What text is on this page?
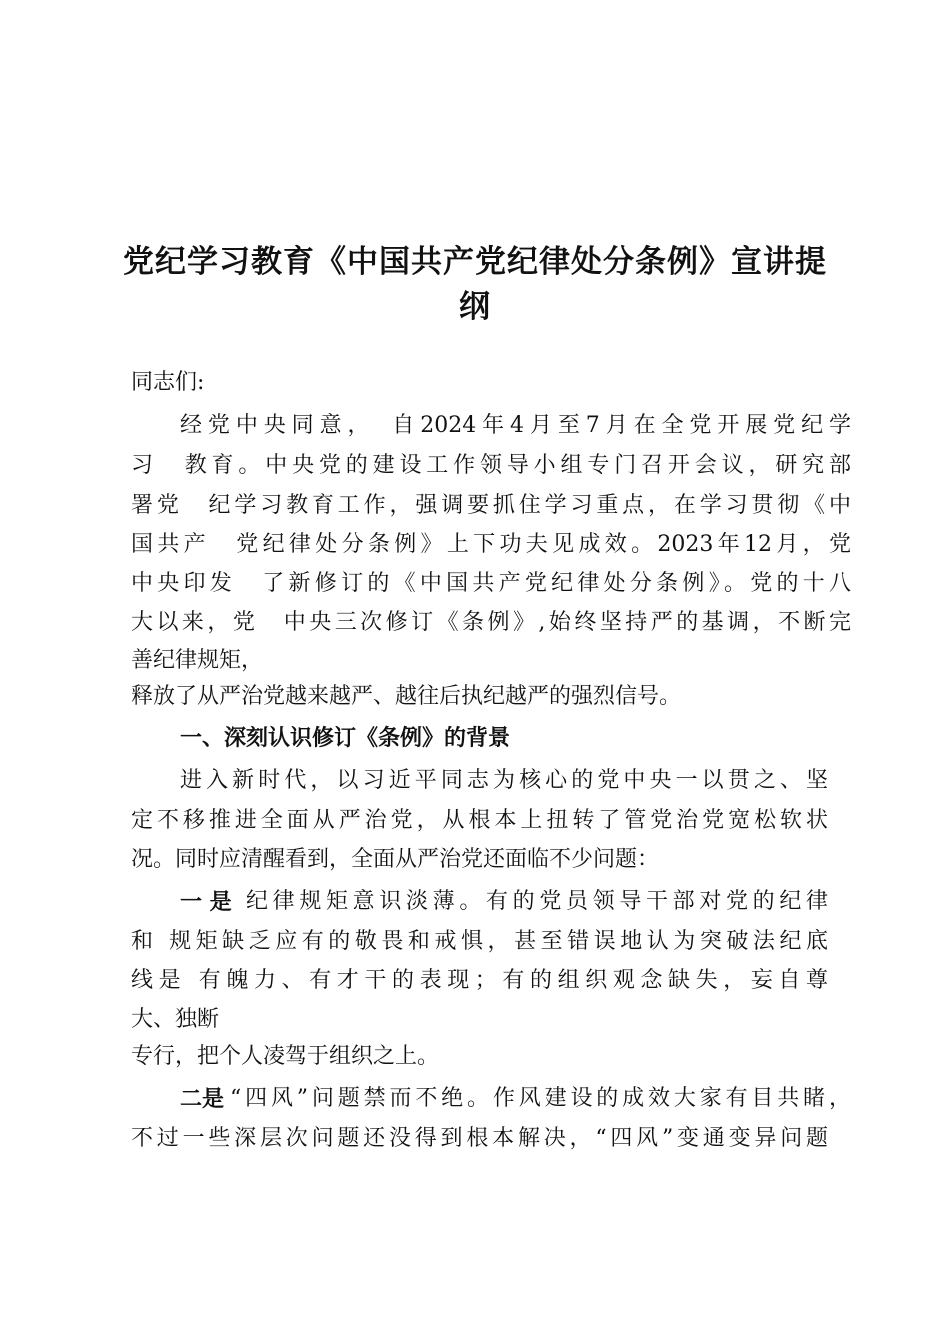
党纪学习教育《中国共产党纪律处分条例》宣讲提
纲

同志们:

经党中央同意，　自2024年4月至7月在全党开展党纪学

习　教育。中央党的建设工作领导小组专门召开会议，研究部

署党　纪学习教育工作，强调要抓住学习重点，在学习贯彻《中

国共产　党纪律处分条例》上下功夫见成效。2023年12月，党

中央印发　了新修订的《中国共产党纪律处分条例》。党的十八

大以来，党　中央三次修订《条例》,始终坚持严的基调，不断完

善纪律规矩，

释放了从严治党越来越严、越往后执纪越严的强烈信号。

一、深刻认识修订《条例》的背景

进入新时代，以习近平同志为核心的党中央一以贯之、坚

定不移推进全面从严治党，从根本上扭转了管党治党宽松软状

况。同时应清醒看到，全面从严治党还面临不少问题：

一 是 纪律规矩意识淡薄。有的党员领导干部对党的纪律

和 规矩缺乏应有的敬畏和戒惧，甚至错误地认为突破法纪底

线是 有魄力、有才干的表现；有的组织观念缺失，妄自尊

大、独断

专行，把个人凌驾于组织之上。

二是 “四风”问题禁而不绝。作风建设的成效大家有目共睹，

不过一些深层次问题还没得到根本解决，“四风”变通变异问题
